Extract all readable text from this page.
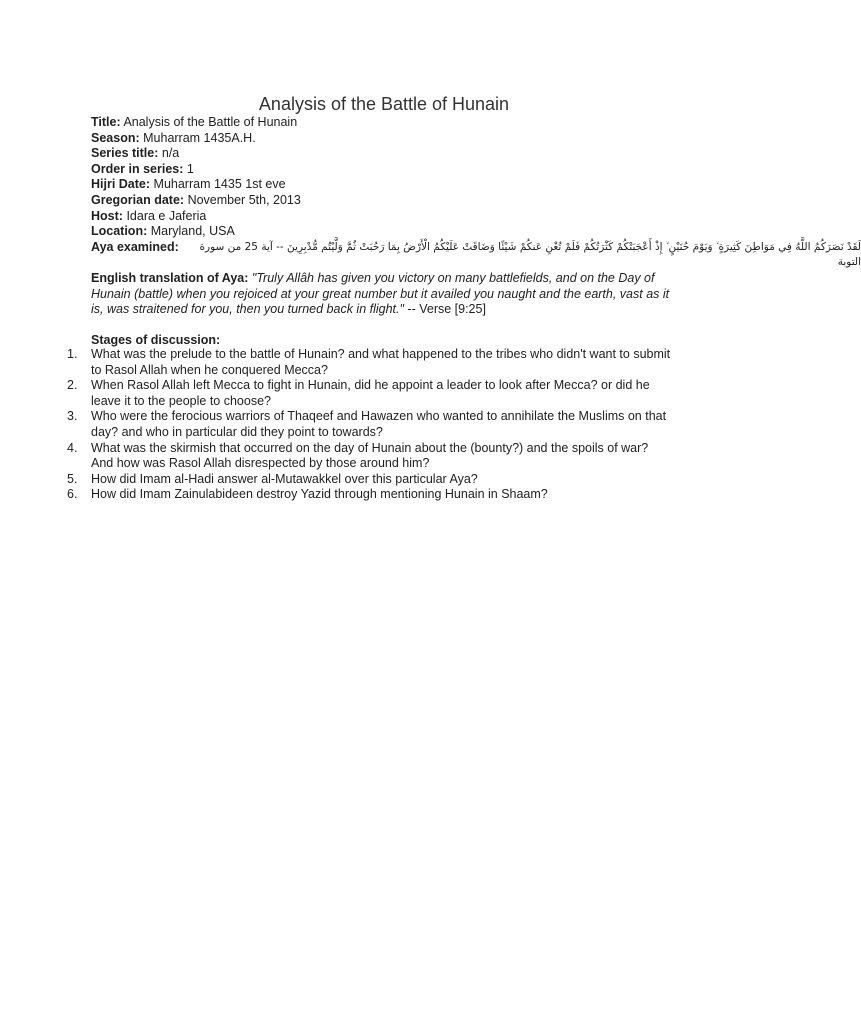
Analysis of the Battle of Hunain
Title: Analysis of the Battle of Hunain
Season: Muharram 1435A.H.
Series title: n/a
Order in series: 1
Hijri Date: Muharram 1435 1st eve
Gregorian date: November 5th, 2013
Host: Idara e Jaferia
Location: Maryland, USA
Aya examined:	لَقَدْ نَصَرَكُمُ اللَّهُ فِي مَوَاطِنَ كَثِيرَةٍ ۙ وَيَوْمَ حُنَيْنٍ ۙ إِذْ أَعْجَبَتْكُمْ كَثْرَتُكُمْ فَلَمْ تُغْنِ عَنكُمْ شَيْئًا وَضَاقَتْ عَلَيْكُمُ الْأَرْضُ بِمَا رَحُبَتْ ثُمَّ وَلَّيْتُم مُّدْبِرِينَ -- آية 25 من سورة التوبة
English translation of Aya: "Truly Allâh has given you victory on many battlefields, and on the Day of Hunain (battle) when you rejoiced at your great number but it availed you naught and the earth, vast as it is, was straitened for you, then you turned back in flight." -- Verse [9:25]
Stages of discussion:
1. What was the prelude to the battle of Hunain? and what happened to the tribes who didn't want to submit to Rasol Allah when he conquered Mecca?
2. When Rasol Allah left Mecca to fight in Hunain, did he appoint a leader to look after Mecca? or did he leave it to the people to choose?
3. Who were the ferocious warriors of Thaqeef and Hawazen who wanted to annihilate the Muslims on that day? and who in particular did they point to towards?
4. What was the skirmish that occurred on the day of Hunain about the (bounty?) and the spoils of war? And how was Rasol Allah disrespected by those around him?
5. How did Imam al-Hadi answer al-Mutawakkel over this particular Aya?
6. How did Imam Zainulabideen destroy Yazid through mentioning Hunain in Shaam?
